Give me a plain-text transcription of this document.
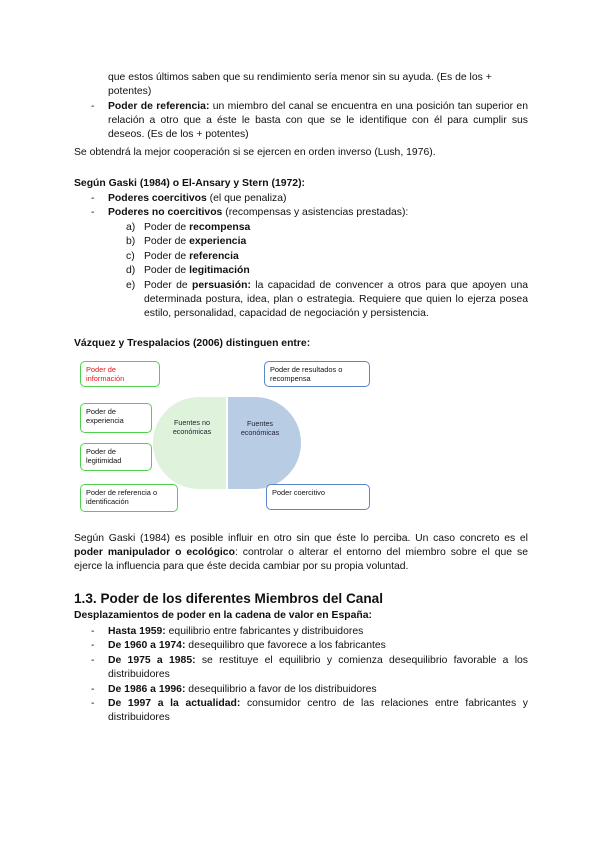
que estos últimos saben que su rendimiento sería menor sin su ayuda. (Es de los +

potentes)

- Poder de referencia: un miembro del canal se encuentra en una posición tan superior en relación a otro que a éste le basta con que se le identifique con él para cumplir sus deseos. (Es de los + potentes)

Se obtendrá la mejor cooperación si se ejercen en orden inverso (Lush, 1976).

Según Gaski (1984) o El-Ansary y Stern (1972):

- Poderes coercitivos (el que penaliza)

- Poderes no coercitivos (recompensas y asistencias prestadas):

a) Poder de recompensa

b) Poder de experiencia

c) Poder de referencia

d) Poder de legitimación

e) Poder de persuasión: la capacidad de convencer a otros para que apoyen una determinada postura, idea, plan o estrategia. Requiere que quien lo ejerza posea estilo, personalidad, capacidad de negociación y persistencia.

Vázquez y Trespalacios (2006) distinguen entre:

Fuentes no económicas
Fuentes económicas
Poder de información
Poder de experiencia
Poder de legitimidad
Poder de referencia o identificación
Poder de resultados o recompensa
Poder coercitivo

Según Gaski (1984) es posible influir en otro sin que éste lo perciba. Un caso concreto es el poder manipulador o ecológico: controlar o alterar el entorno del miembro sobre el que se ejerce la influencia para que éste decida cambiar por su propia voluntad.

1.3. Poder de los diferentes Miembros del Canal

Desplazamientos de poder en la cadena de valor en España:

- Hasta 1959: equilibrio entre fabricantes y distribuidores

- De 1960 a 1974: desequilibro que favorece a los fabricantes

- De 1975 a 1985: se restituye el equilibrio y comienza desequilibrio favorable a los distribuidores

- De 1986 a 1996: desequilibrio a favor de los distribuidores

- De 1997 a la actualidad: consumidor centro de las relaciones entre fabricantes y distribuidores
